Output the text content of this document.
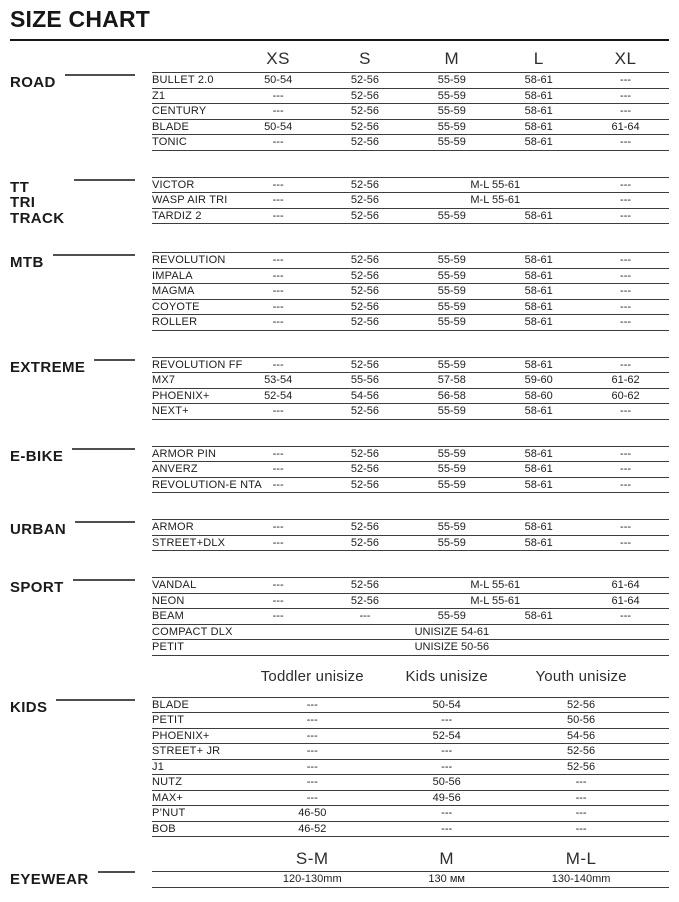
SIZE CHART
ROAD
	XS	S	M	L	XL
BULLET 2.0	50-54	52-56	55-59	58-61	---
Z1	---	52-56	55-59	58-61	---
CENTURY	---	52-56	55-59	58-61	---
BLADE	50-54	52-56	55-59	58-61	61-64
TONIC	---	52-56	55-59	58-61	---
TT
TRI
TRACK
VICTOR	---	52-56	M-L 55-61		---
WASP AIR TRI	---	52-56	M-L 55-61		---
TARDIZ 2	---	52-56	55-59	58-61	---
MTB	REVOLUTION	---	52-56	55-59	58-61	---
IMPALA	---	52-56	55-59	58-61	---
MAGMA	---	52-56	55-59	58-61	---
COYOTE	---	52-56	55-59	58-61	---
ROLLER	---	52-56	55-59	58-61	---
EXTREME	REVOLUTION FF	---	52-56	55-59	58-61	---
MX7	53-54	55-56	57-58	59-60	61-62
PHOENIX+	52-54	54-56	56-58	58-60	60-62
NEXT+	---	52-56	55-59	58-61	---
E-BIKE	ARMOR PIN	---	52-56	55-59	58-61	---
ANVERZ	---	52-56	55-59	58-61	---
REVOLUTION-E NTA	---	52-56	55-59	58-61	---
URBAN	ARMOR	---	52-56	55-59	58-61	---
STREET+DLX	---	52-56	55-59	58-61	---
SPORT	VANDAL	---	52-56	M-L 55-61		61-64
NEON	---	52-56	M-L 55-61		61-64
BEAM	---	---	55-59	58-61	---
COMPACT DLX	UNISIZE 54-61				
PETIT	UNISIZE 50-56				
KIDS
	Toddler unisize	Kids unisize	Youth unisize	
BLADE	---	50-54	52-56	
PETIT	---	---	50-56	
PHOENIX+	---	52-54	54-56	
STREET+ JR	---	---	52-56	
J1	---	---	52-56	
NUTZ	---	50-56	---	
MAX+	---	49-56	---	
P’NUT	46-50	---	---	
BOB	46-52	---	---	
EYEWEAR
	S-M	M	M-L	
	120-130mm	130 мм	130-140mm	
